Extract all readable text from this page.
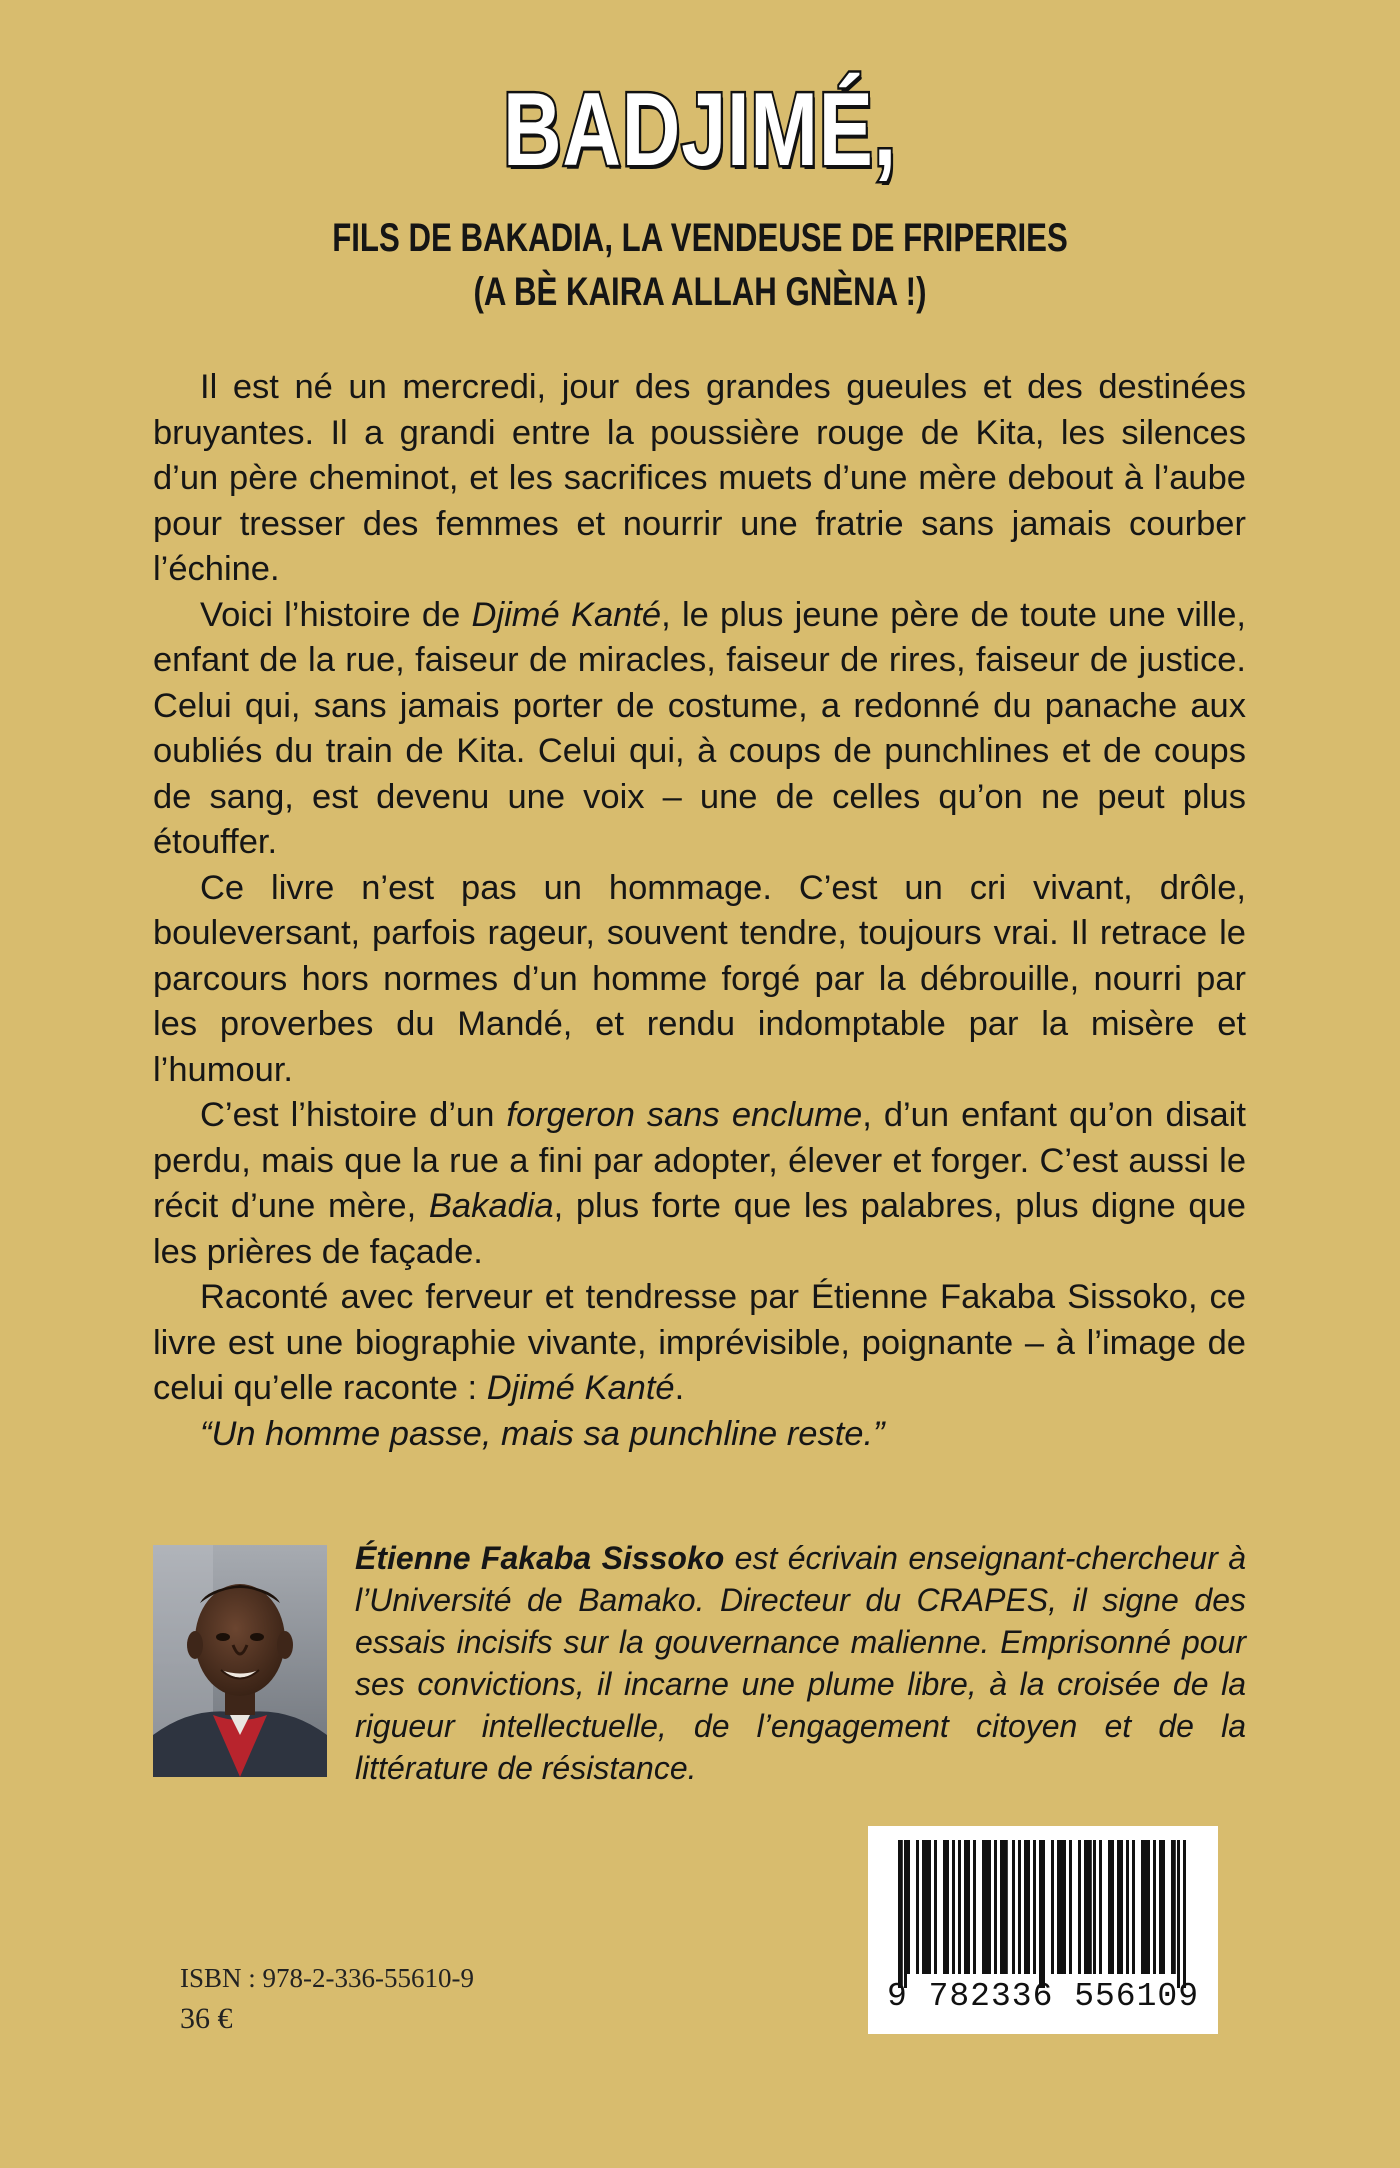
BADJIMÉ,
FILS DE BAKADIA, LA VENDEUSE DE FRIPERIES
(A BÈ KAIRA ALLAH GNÈNA !)

Il est né un mercredi, jour des grandes gueules et des destinées bruyantes. Il a grandi entre la poussière rouge de Kita, les silences d’un père cheminot, et les sacrifices muets d’une mère debout à l’aube pour tresser des femmes et nourrir une fratrie sans jamais courber l’échine.

Voici l’histoire de Djimé Kanté, le plus jeune père de toute une ville, enfant de la rue, faiseur de miracles, faiseur de rires, faiseur de justice. Celui qui, sans jamais porter de costume, a redonné du panache aux oubliés du train de Kita. Celui qui, à coups de punchlines et de coups de sang, est devenu une voix – une de celles qu’on ne peut plus étouffer.

Ce livre n’est pas un hommage. C’est un cri vivant, drôle, bouleversant, parfois rageur, souvent tendre, toujours vrai. Il retrace le parcours hors normes d’un homme forgé par la débrouille, nourri par les proverbes du Mandé, et rendu indomptable par la misère et l’humour.

C’est l’histoire d’un forgeron sans enclume, d’un enfant qu’on disait perdu, mais que la rue a fini par adopter, élever et forger. C’est aussi le récit d’une mère, Bakadia, plus forte que les palabres, plus digne que les prières de façade.

Raconté avec ferveur et tendresse par Étienne Fakaba Sissoko, ce livre est une biographie vivante, imprévisible, poignante – à l’image de celui qu’elle raconte : Djimé Kanté.

“Un homme passe, mais sa punchline reste.”

Étienne Fakaba Sissoko est écrivain enseignant-chercheur à l’Université de Bamako. Directeur du CRAPES, il signe des essais incisifs sur la gouvernance malienne. Emprisonné pour ses convictions, il incarne une plume libre, à la croisée de la rigueur intellectuelle, de l’engagement citoyen et de la littérature de résistance.
ISBN : 978-2-336-55610-9
36 €
9 782336 556109
